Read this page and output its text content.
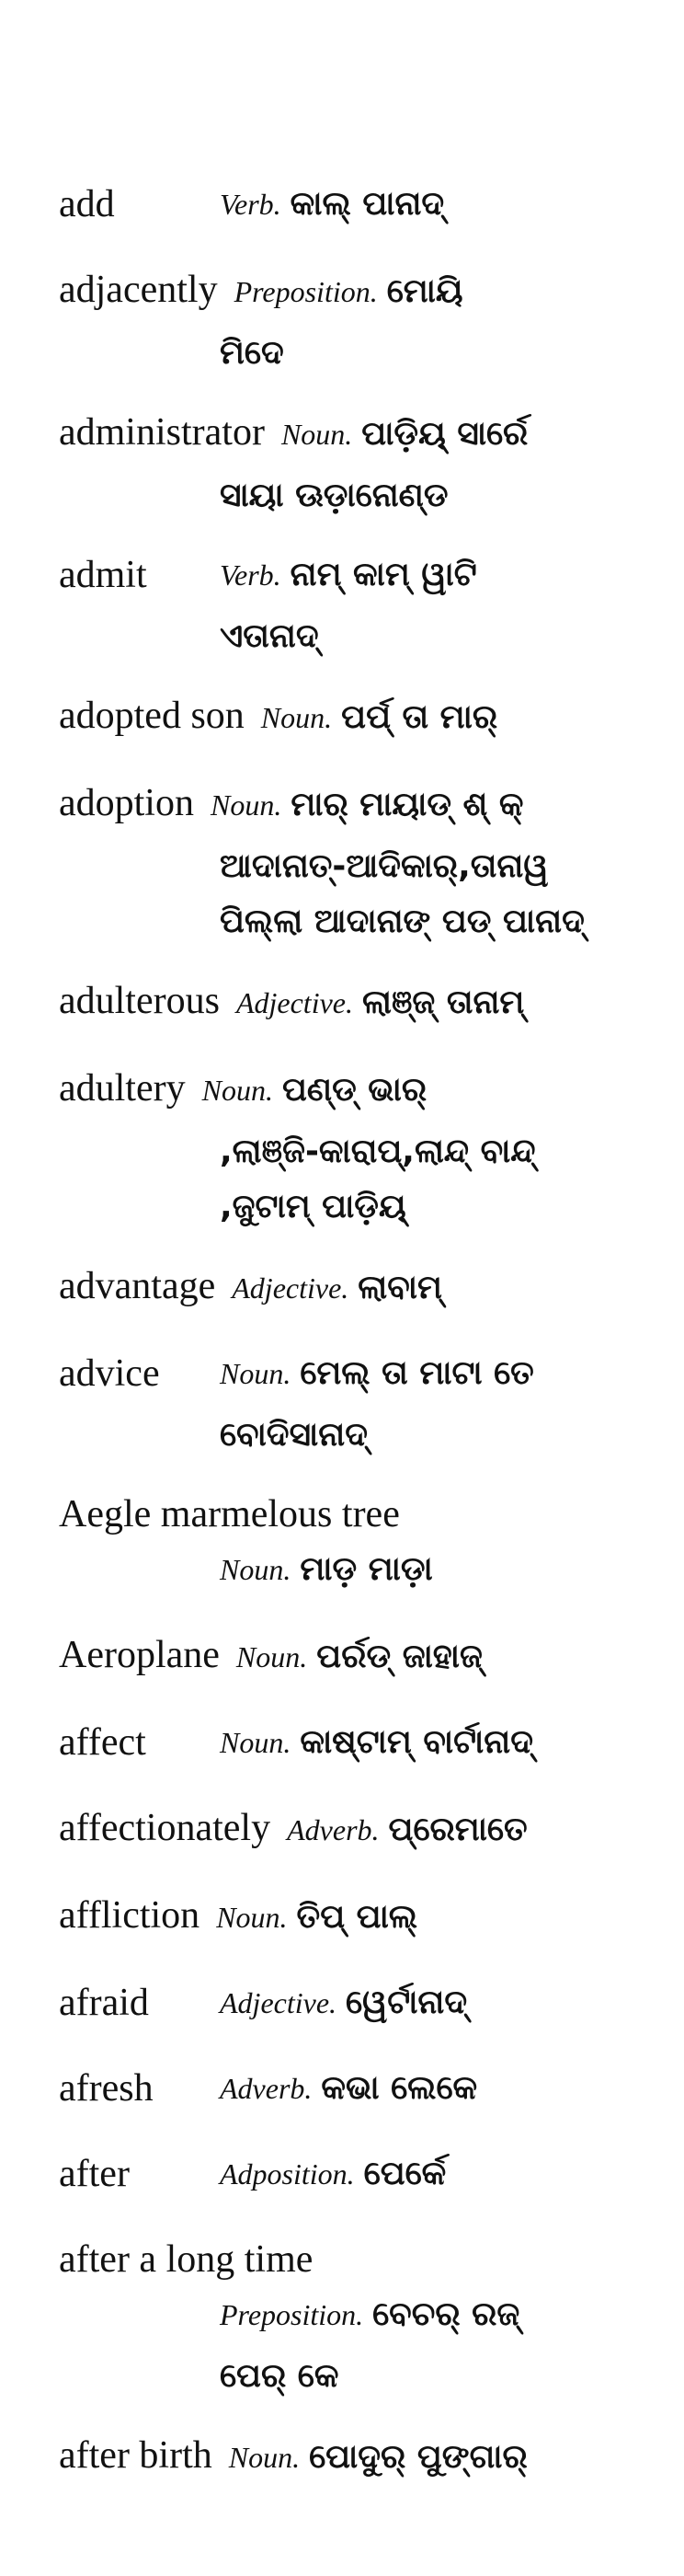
add	Verb. କାଲ୍ ପାନାଦ୍
adjacently Preposition. ମୋୟି
ମିଦେ
administrator Noun. ପାଡ଼ିୟ୍ ସାର୍ରେ
ସାୟା ଊଡ଼ାନୋଣ୍ଡ
admit	Verb. ନାମ୍ କାମ୍ ୱାଟି
ଏତାନାଦ୍
adopted son Noun. ପର୍ପ୍ ତା ମାର୍
adoption Noun. ମାର୍ ମାୟାଡ୍ ଶ୍ କ୍
ଆଦାନାତ୍-ଆଦିକାର୍,ତାନାୱ
ପିଲ୍ଲା ଆଦାନାଙ୍ ପଡ୍ ପାନାଦ୍
adulterous Adjective. ଲାଞ୍ଜ୍ ତାନାମ୍
adultery Noun. ପଣ୍ଡ୍ ଭାର୍
,ଲାଞ୍ଜି-କାରାପ୍,ଲାନ୍ଦ୍ ବାନ୍ଦ୍
,ଜୁଟାମ୍ ପାଡ଼ିୟ୍
advantage Adjective. ଲାବାମ୍
advice	Noun. ମେଲ୍ ତା ମାଟା ତେ
ବୋଦିସାନାଦ୍
Aegle marmelous tree
Noun. ମାଡ଼ ମାଡ଼ା
Aeroplane Noun. ପର୍ରଡ୍ ଜାହାଜ୍
affect	Noun. କାଷ୍ଟାମ୍ ବାର୍ଟାନାଦ୍
affectionately Adverb. ପ୍ରେମାତେ
affliction Noun. ତିପ୍ ପାଲ୍
afraid	Adjective. ୱେର୍ଟାନାଦ୍
afresh	Adverb. କଭା ଲେକେ
after	Adposition. ପେର୍କେ
after a long time
Preposition. ବେଚର୍ ରଜ୍
ପେର୍ କେ
after birth Noun. ପୋଦୁର୍ ପୁଙ୍ଗାର୍
